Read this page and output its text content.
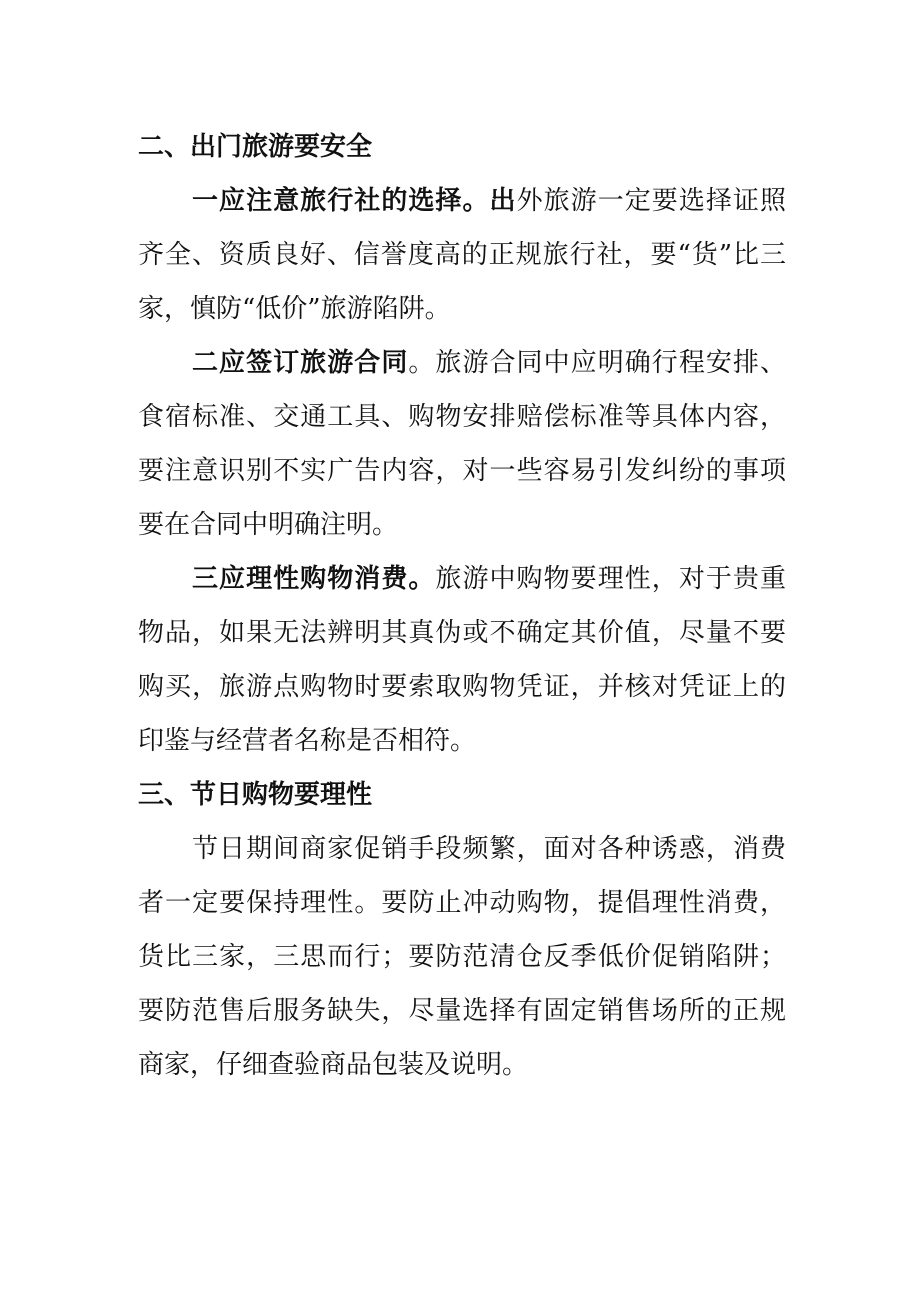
二、出门旅游要安全

一应注意旅行社的选择。出外旅游一定要选择证照齐全、资质良好、信誉度高的正规旅行社，要“货”比三家，慎防“低价”旅游陷阱。

二应签订旅游合同。旅游合同中应明确行程安排、食宿标准、交通工具、购物安排赔偿标准等具体内容，要注意识别不实广告内容，对一些容易引发纠纷的事项要在合同中明确注明。

三应理性购物消费。旅游中购物要理性，对于贵重物品，如果无法辨明其真伪或不确定其价值，尽量不要购买，旅游点购物时要索取购物凭证，并核对凭证上的印鉴与经营者名称是否相符。

三、节日购物要理性

节日期间商家促销手段频繁，面对各种诱惑，消费者一定要保持理性。要防止冲动购物，提倡理性消费，货比三家，三思而行；要防范清仓反季低价促销陷阱；要防范售后服务缺失，尽量选择有固定销售场所的正规商家，仔细查验商品包装及说明。
